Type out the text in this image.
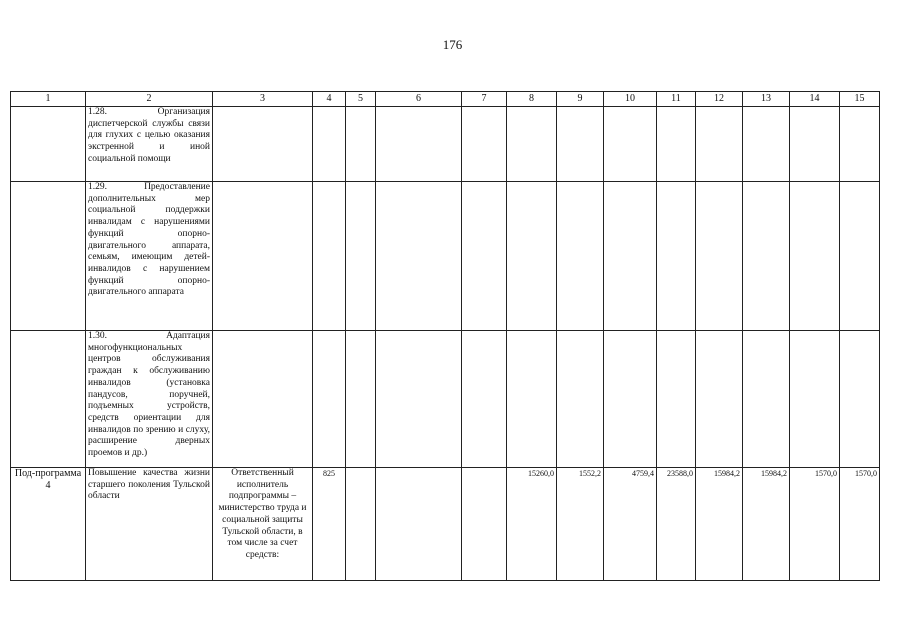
176
1	2	3	4	5	6	7	8	9	10	11	12	13	14	15
	1.28. Организация диспетчерской службы связи для глухих с целью оказания экстренной и иной социальной помощи													
	1.29. Предоставление дополнительных мер социальной поддержки инвалидам с нарушениями функций опорно-двигательного аппарата, семьям, имеющим детей-инвалидов с нарушением функций опорно-двигательного аппарата													
	1.30. Адаптация многофункциональных центров обслуживания граждан к обслуживанию инвалидов (установка пандусов, поручней, подъемных устройств, средств ориентации для инвалидов по зрению и слуху, расширение дверных проемов и др.)													
Под-программа 4	Повышение качества жизни старшего поколения Тульской области	Ответственный исполнитель подпрограммы – министерство труда и социальной защиты Тульской области, в том числе за счет средств:	825				15260,0	1552,2	4759,4	23588,0	15984,2	15984,2	1570,0	1570,0
